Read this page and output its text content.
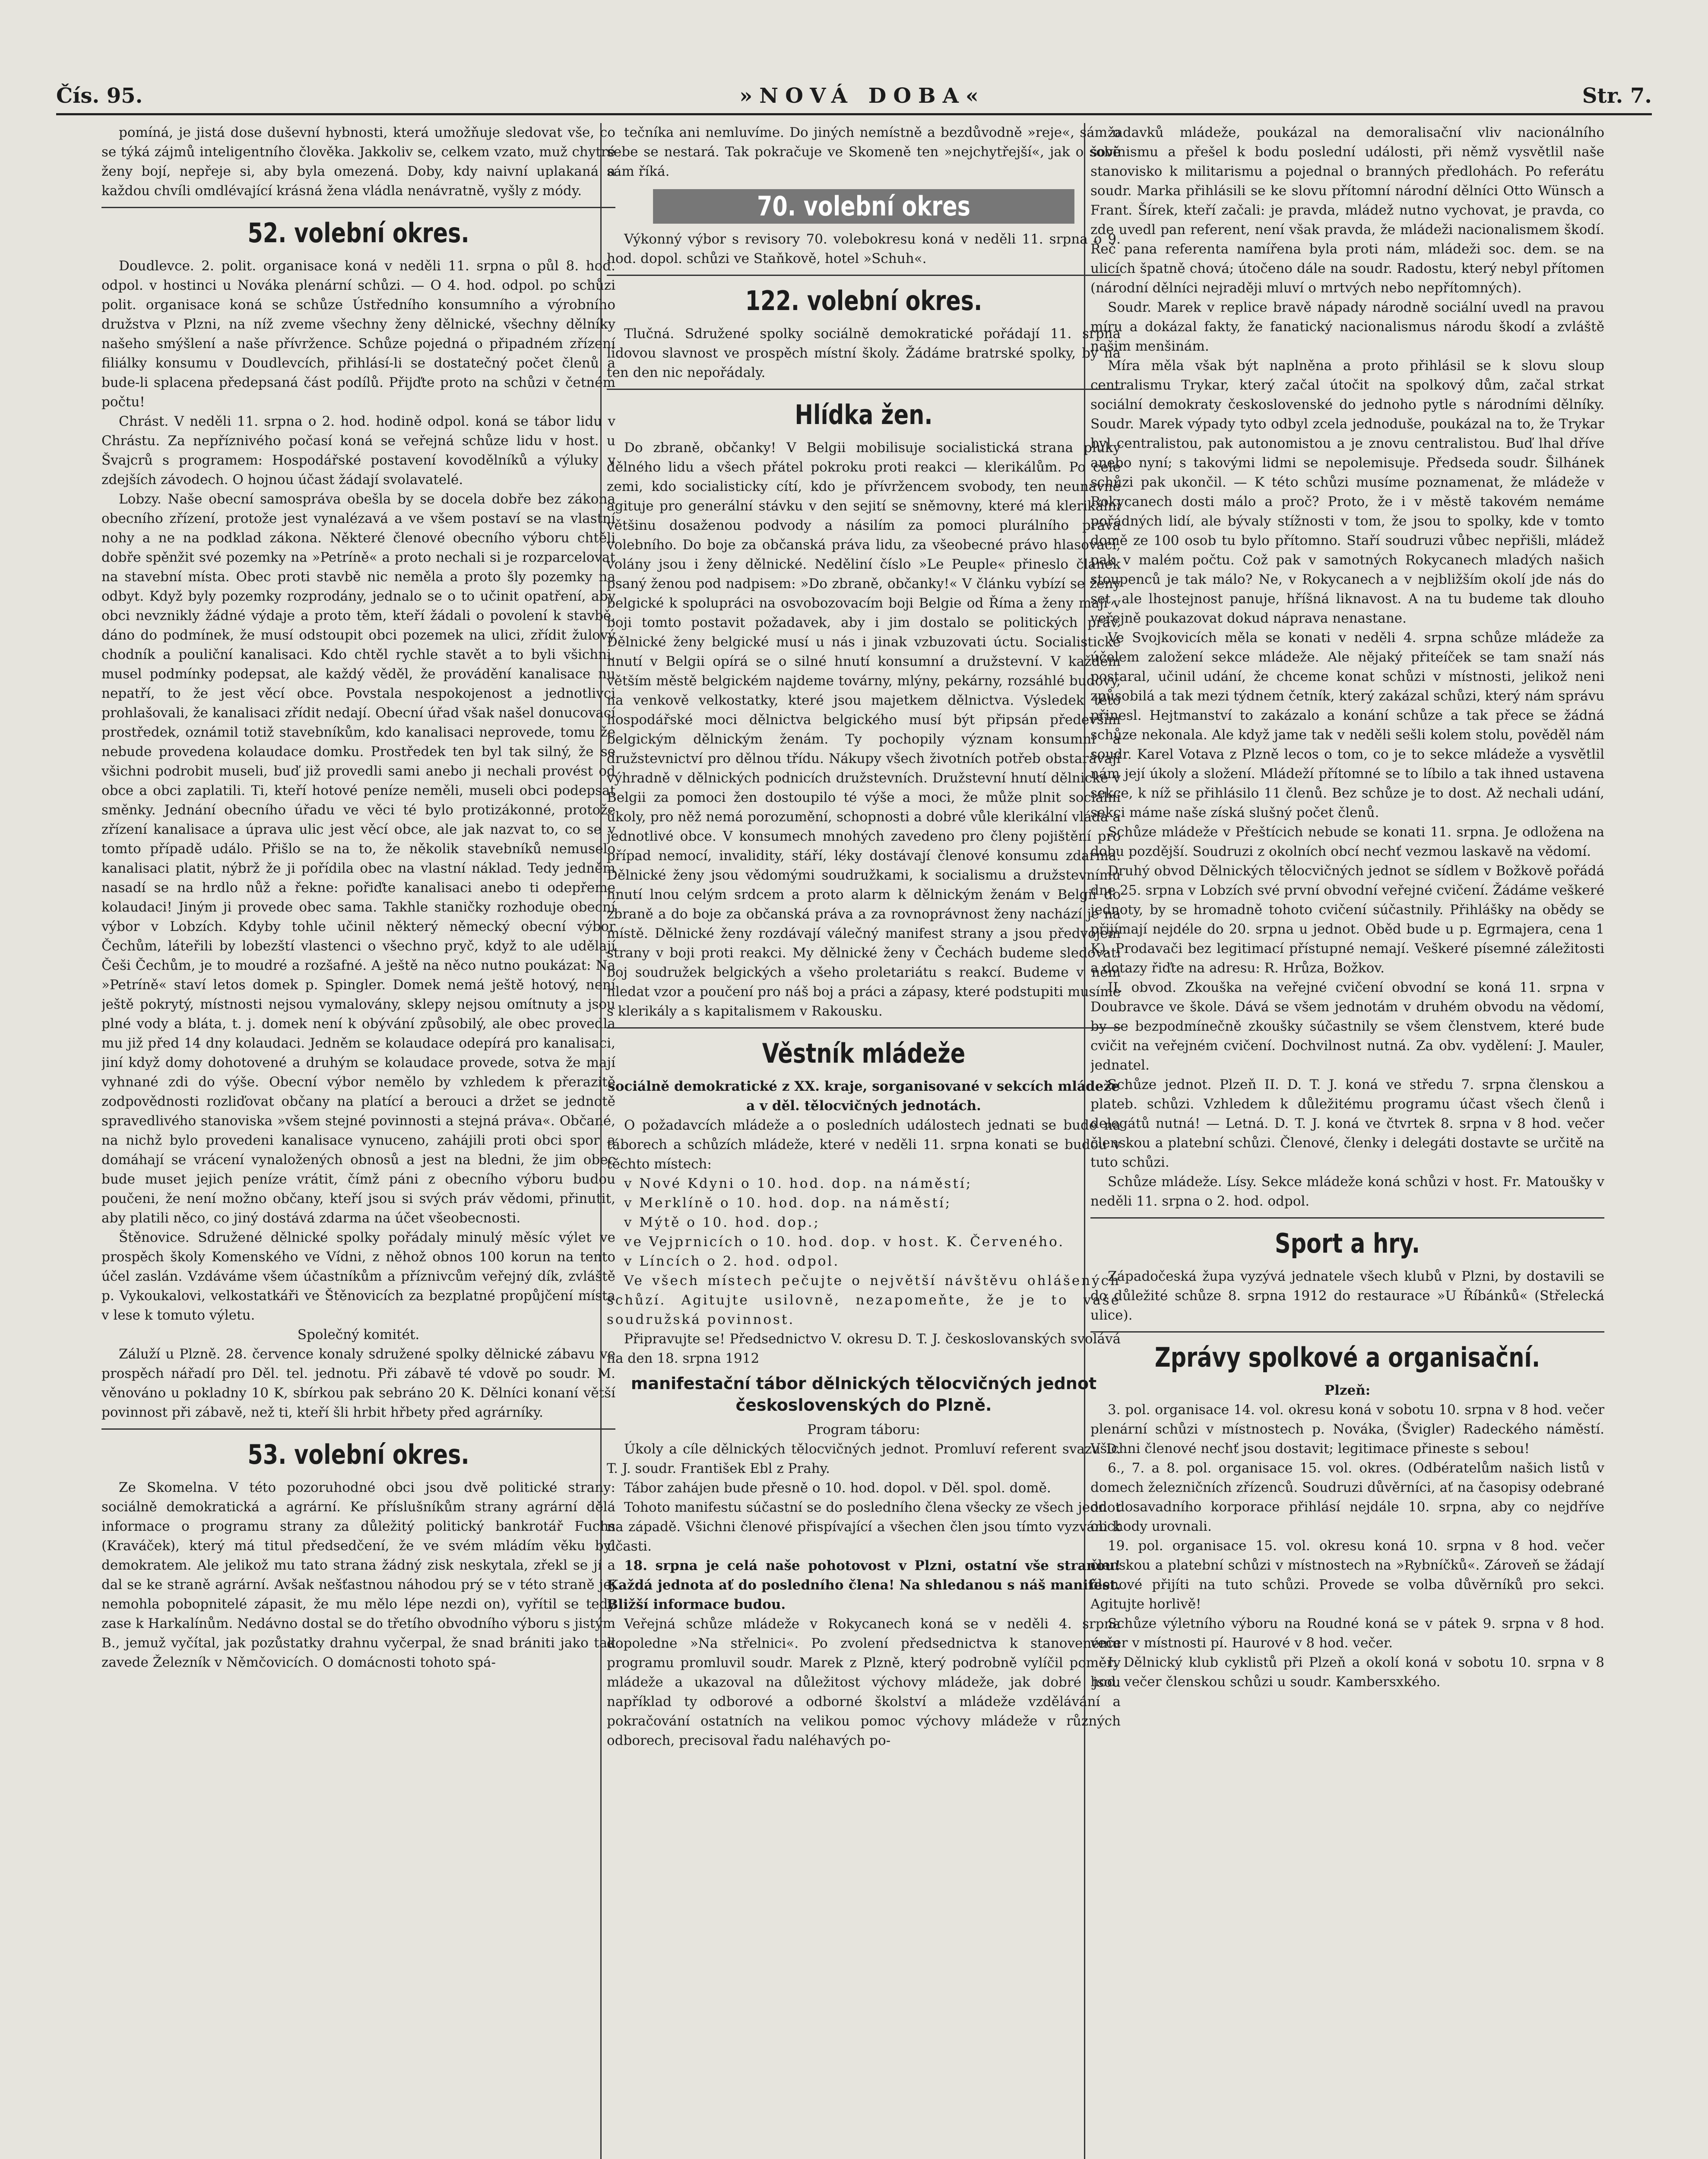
Čís. 95.	»NOVÁ DOBA«	Str. 7.

pomíná, je jistá dose duševní hybnosti, která umožňuje sledovat vše, co se týká zájmů inteligentního člověka. Jakkoliv se, celkem vzato, muž chytré ženy bojí, nepřeje si, aby byla omezená. Doby, kdy naivní uplakaná a každou chvíli omdlévající krásná žena vládla nenávratně, vyšly z módy.

52. volební okres.

Doudlevce. 2. polit. organisace koná v neděli 11. srpna o půl 8. hod. odpol. v hostinci u Nováka plenární schůzi. — O 4. hod. odpol. po schůzi polit. organisace koná se schůze Ústředního konsumního a výrobního družstva v Plzni, na níž zveme všechny ženy dělnické, všechny dělníky našeho smýšlení a naše přívržence. Schůze pojedná o připadném zřízení filiálky konsumu v Doudlevcích, přihlásí-li se dostatečný počet členů a bude-li splacena předepsaná část podílů. Přijďte proto na schůzi v četném počtu!

Chrást. V neděli 11. srpna o 2. hod. hodině odpol. koná se tábor lidu v Chrástu. Za nepříznivého počasí koná se veřejná schůze lidu v host. u Švajcrů s programem: Hospodářské postavení kovodělníků a výluky v zdejších závodech. O hojnou účast žádají svolavatelé.

Lobzy. Naše obecní samospráva obešla by se docela dobře bez zákona obecního zřízení, protože jest vynalézavá a ve všem postaví se na vlastní nohy a ne na podklad zákona. Některé členové obecního výboru chtěli dobře spěnžit své pozemky na »Petríně« a proto nechali si je rozparcelovat na stavební místa. Obec proti stavbě nic neměla a proto šly pozemky na odbyt. Když byly pozemky rozprodány, jednalo se o to učinit opatření, aby obci nevznikly žádné výdaje a proto těm, kteří žádali o povolení k stavbě, dáno do podmínek, že musí odstoupit obci pozemek na ulici, zřídit žulový chodník a pouliční kanalisaci. Kdo chtěl rychle stavět a to byli všichni, musel podmínky podepsat, ale každý věděl, že provádění kanalisace nu nepatří, to že jest věcí obce. Povstala nespokojenost a jednotlivci prohlašovali, že kanalisaci zřídit nedají. Obecní úřad však našel donucovací prostředek, oznámil totiž stavebníkům, kdo kanalisaci neprovede, tomu že nebude provedena kolaudace domku. Prostředek ten byl tak silný, že se všichni podrobit museli, buď již provedli sami anebo ji nechali provést od obce a obci zaplatili. Ti, kteří hotové peníze neměli, museli obci podepsat směnky. Jednání obecního úřadu ve věci té bylo protizákonné, protože zřízení kanalisace a úprava ulic jest věcí obce, ale jak nazvat to, co se v tomto případě událo. Přišlo se na to, že několik stavebníků nemuselo kanalisaci platit, nýbrž že ji pořídila obec na vlastní náklad. Tedy jedněm nasadí se na hrdlo nůž a řekne: pořiďte kanalisaci anebo ti odepřeme kolaudaci! Jiným ji provede obec sama. Takhle staničky rozhoduje obecní výbor v Lobzích. Kdyby tohle učinil některý německý obecní výbor Čechům, láteřili by lobezští vlastenci o všechno pryč, když to ale udělají Češi Čechům, je to moudré a rozšafné. A ještě na něco nutno poukázat: Na »Petríně« staví letos domek p. Spingler. Domek nemá ještě hotový, není ještě pokrytý, místnosti nejsou vymalovány, sklepy nejsou omítnuty a jsou plné vody a bláta, t. j. domek není k obývání způsobilý, ale obec provedla mu již před 14 dny kolaudaci. Jedněm se kolaudace odepírá pro kanalisaci, jiní když domy dohotovené a druhým se kolaudace provede, sotva že mají vyhnané zdi do výše. Obecní výbor nemělo by vzhledem k přerazitě zodpovědnosti rozliďovat občany na platící a berouci a držet se jednotě spravedlivého stanoviska »všem stejné povinnosti a stejná práva«. Občané, na nichž bylo provedeni kanalisace vynuceno, zahájili proti obci spor a domáhají se vrácení vynaložených obnosů a jest na bledni, že jim obec bude muset jejich peníze vrátit, čímž páni z obecního výboru budou poučeni, že není možno občany, kteří jsou si svých práv vědomi, přinutit, aby platili něco, co jiný dostává zdarma na účet všeobecnosti.

Štěnovice. Sdružené dělnické spolky pořádaly minulý měsíc výlet ve prospěch školy Komenského ve Vídni, z něhož obnos 100 korun na tento účel zaslán. Vzdáváme všem účastníkům a příznivcům veřejný dík, zvláště p. Vykoukalovi, velkostatkáři ve Štěnovicích za bezplatné propůjčení místa v lese k tomuto výletu.

Společný komitét.

Záluží u Plzně. 28. července konaly sdružené spolky dělnické zábavu ve prospěch nářadí pro Děl. tel. jednotu. Při zábavě té vdově po soudr. M. věnováno u pokladny 10 K, sbírkou pak sebráno 20 K. Dělníci konaní větší povinnost při zábavě, než ti, kteří šli hrbit hřbety před agrárníky.

53. volební okres.

Ze Skomelna. V této pozoruhodné obci jsou dvě politické strany: sociálně demokratická a agrární. Ke příslušníkům strany agrární dělá informace o programu strany za důležitý politický bankrotář Fuchs (Kraváček), který má titul předsedčení, že ve svém mládím věku byl demokratem. Ale jelikož mu tato strana žádný zisk neskytala, zřekl se jí a dal se ke straně agrární. Avšak nešťastnou náhodou prý se v této straně jej nemohla pobopnitelé zápasit, že mu mělo lépe nezdi on), vyřítil se tedy zase k Harkalínům. Nedávno dostal se do třetího obvodního výboru s jistým B., jemuž vyčítal, jak pozůstatky drahnu vyčerpal, že snad brániti jako tak zavede Železník v Němčovicích. O domácnosti tohoto spá-

tečníka ani nemluvíme. Do jiných nemístně a bezdůvodně »reje«, sám o sebe se nestará. Tak pokračuje ve Skomeně ten »nejchytřejší«, jak o sobě sám říká.

70. volební okres

Výkonný výbor s revisory 70. volebokresu koná v neděli 11. srpna o 9. hod. dopol. schůzi ve Staňkově, hotel »Schuh«.

122. volební okres.

Tlučná. Sdružené spolky sociálně demokratické pořádají 11. srpna lidovou slavnost ve prospěch místní školy. Žádáme bratrské spolky, by na ten den nic nepořádaly.

Hlídka žen.

Do zbraně, občanky! V Belgii mobilisuje socialistická strana pluky dělného lidu a všech přátel pokroku proti reakci — klerikálům. Po celé zemi, kdo socialisticky cítí, kdo je přívržencem svobody, ten neunavně agituje pro generální stávku v den sejití se sněmovny, které má klerikální většinu dosaženou podvody a násilím za pomoci plurálního práva volebního. Do boje za občanská práva lidu, za všeobecné právo hlasovací, volány jsou i ženy dělnické. Neděliní číslo »Le Peuple« přineslo článek psaný ženou pod nadpisem: »Do zbraně, občanky!« V článku vybízí se ženy belgické k spolupráci na osvobozovacím boji Belgie od Říma a ženy mají v boji tomto postavit požadavek, aby i jim dostalo se politických práv. Dělnické ženy belgické musí u nás i jinak vzbuzovati úctu. Socialistické hnutí v Belgii opírá se o silné hnutí konsumní a družstevní. V každém větším městě belgickém najdeme továrny, mlýny, pekárny, rozsáhlé budovy, na venkově velkostatky, které jsou majetkem dělnictva. Výsledek této hospodářské moci dělnictva belgického musí být připsán především belgickým dělnickým ženám. Ty pochopily význam konsumní a družstevnictví pro dělnou třídu. Nákupy všech životních potřeb obstarávají výhradně v dělnických podnicích družstevních. Družstevní hnutí dělnické v Belgii za pomoci žen dostoupilo té výše a moci, že může plnit sociální úkoly, pro něž nemá porozumění, schopnosti a dobré vůle klerikální vláda a jednotlivé obce. V konsumech mnohých zavedeno pro členy pojištění pro případ nemocí, invalidity, stáří, léky dostávají členové konsumu zdarma. Dělnické ženy jsou vědomými soudružkami, k socialismu a družstevnímu hnutí lnou celým srdcem a proto alarm k dělnickým ženám v Belgii do zbraně a do boje za občanská práva a za rovnoprávnost ženy nachází je na místě. Dělnické ženy rozdávají válečný manifest strany a jsou předvojem strany v boji proti reakci. My dělnické ženy v Čechách budeme sledovati boj soudružek belgických a všeho proletariátu s reakcí. Budeme v něm hledat vzor a poučení pro náš boj a práci a zápasy, které podstupiti musíme s klerikály a s kapitalismem v Rakousku.

Věstník mládeže

sociálně demokratické z XX. kraje, sorganisované v sekcích mládeže a v děl. tělocvičných jednotách.

O požadavcích mládeže a o posledních událostech jednati se bude na táborech a schůzích mládeže, které v neděli 11. srpna konati se budou v těchto místech:

v Nové Kdyni o 10. hod. dop. na náměstí;

v Merklíně o 10. hod. dop. na náměstí;

v Mýtě o 10. hod. dop.;

ve Vejprnicích o 10. hod. dop. v host. K. Červeného.

v Líncích o 2. hod. odpol.

Ve všech místech pečujte o největší návštěvu ohlášených schůzí. Agitujte usilovně, nezapomeňte, že je to vaše soudružská povinnost.

Připravujte se! Předsednictvo V. okresu D. T. J. českoslovanských svolává na den 18. srpna 1912

manifestační tábor dělnických tělocvičných jednot československých do Plzně.

Program táboru:

Úkoly a cíle dělnických tělocvičných jednot. Promluví referent svazu D. T. J. soudr. František Ebl z Prahy.

Tábor zahájen bude přesně o 10. hod. dopol. v Děl. spol. domě.

Tohoto manifestu súčastní se do posledního člena všecky ze všech jednot na západě. Všichni členové přispívající a všechen člen jsou tímto vyzváni k účasti.

18. srpna je celá naše pohotovost v Plzni, ostatní vše stranou! Každá jednota ať do posledního člena! Na shledanou s náš manifest. Bližší informace budou.

Veřejná schůze mládeže v Rokycanech koná se v neděli 4. srpna dopoledne »Na střelnici«. Po zvolení předsednictva k stanovenému programu promluvil soudr. Marek z Plzně, který podrobně vylíčil poměry mládeže a ukazoval na důležitost výchovy mládeže, jak dobré jsou například ty odborové a odborné školství a mládeže vzdělávání a pokračování ostatních na velikou pomoc výchovy mládeže v různých odborech, precisoval řadu naléhavých po-

žadavků mládeže, poukázal na demoralisační vliv nacionálního šovinismu a přešel k bodu poslední události, při němž vysvětlil naše stanovisko k militarismu a pojednal o branných předlohách. Po referátu soudr. Marka přihlásili se ke slovu přítomní národní dělníci Otto Wünsch a Frant. Šírek, kteří začali: je pravda, mládež nutno vychovat, je pravda, co zde uvedl pan referent, není však pravda, že mládeži nacionalismem škodí. Řeč pana referenta namířena byla proti nám, mládeži soc. dem. se na ulicích špatně chová; útočeno dále na soudr. Radostu, který nebyl přítomen (národní dělníci nejraději mluví o mrtvých nebo nepřítomných).

Soudr. Marek v replice bravě nápady národně sociální uvedl na pravou míru a dokázal fakty, že fanatický nacionalismus národu škodí a zvláště našim menšinám.

Míra měla však být naplněna a proto přihlásil se k slovu sloup centralismu Trykar, který začal útočit na spolkový dům, začal strkat sociální demokraty československé do jednoho pytle s národními dělníky. Soudr. Marek výpady tyto odbyl zcela jednoduše, poukázal na to, že Trykar byl centralistou, pak autonomistou a je znovu centralistou. Buď lhal dříve anebo nyní; s takovými lidmi se nepolemisuje. Předseda soudr. Šilhánek schůzi pak ukončil. — K této schůzi musíme poznamenat, že mládeže v Rokycanech dosti málo a proč? Proto, že i v městě takovém nemáme pořádných lidí, ale bývaly stížnosti v tom, že jsou to spolky, kde v tomto domě ze 100 osob tu bylo přítomno. Staří soudruzi vůbec nepřišli, mládež pak v malém počtu. Což pak v samotných Rokycanech mladých našich stoupenců je tak málo? Ne, v Rokycanech a v nejbližším okolí jde nás do set, ale lhostejnost panuje, hříšná liknavost. A na tu budeme tak dlouho veřejně poukazovat dokud náprava nenastane.

Ve Svojkovicích měla se konati v neděli 4. srpna schůze mládeže za účelem založení sekce mládeže. Ale nějaký přiteíček se tam snaží nás postaral, učinil udání, že chceme konat schůzi v místnosti, jelikož neni způsobilá a tak mezi týdnem četník, který zakázal schůzi, který nám správu přinesl. Hejtmanství to zakázalo a konání schůze a tak přece se žádná schůze nekonala. Ale když jame tak v neděli sešli kolem stolu, pověděl nám soudr. Karel Votava z Plzně lecos o tom, co je to sekce mládeže a vysvětlil nám její úkoly a složení. Mládeží přítomné se to líbilo a tak ihned ustavena sekce, k níž se přihlásilo 11 členů. Bez schůze je to dost. Až nechali udání, sekci máme naše získá slušný počet členů.

Schůze mládeže v Přeštícich nebude se konati 11. srpna. Je odložena na dobu pozdější. Soudruzi z okolních obcí nechť vezmou laskavě na vědomí.

Druhý obvod Dělnických tělocvičných jednot se sídlem v Božkově pořádá dne 25. srpna v Lobzích své první obvodní veřejné cvičení. Žádáme veškeré jednoty, by se hromadně tohoto cvičení súčastnily. Přihlášky na obědy se přijímají nejdéle do 20. srpna u jednot. Oběd bude u p. Egrmajera, cena 1 K). Prodavači bez legitimací přístupné nemají. Veškeré písemné záležitosti a dotazy řiďte na adresu: R. Hrůza, Božkov.

II. obvod. Zkouška na veřejné cvičení obvodní se koná 11. srpna v Doubravce ve škole. Dává se všem jednotám v druhém obvodu na vědomí, by se bezpodmínečně zkoušky súčastnily se všem členstvem, které bude cvičit na veřejném cvičení. Dochvilnost nutná. Za obv. vydělení: J. Mauler, jednatel.

Schůze jednot. Plzeň II. D. T. J. koná ve středu 7. srpna členskou a plateb. schůzi. Vzhledem k důležitému programu účast všech členů i delegátů nutná! — Letná. D. T. J. koná ve čtvrtek 8. srpna v 8 hod. večer členskou a platební schůzi. Členové, členky i delegáti dostavte se určitě na tuto schůzi.

Schůze mládeže. Lísy. Sekce mládeže koná schůzi v host. Fr. Matoušky v neděli 11. srpna o 2. hod. odpol.

Sport a hry.

Západočeská župa vyzývá jednatele všech klubů v Plzni, by dostavili se do důležité schůze 8. srpna 1912 do restaurace »U Říbánků« (Střelecká ulice).

Zprávy spolkové a organisační.

Plzeň:

3. pol. organisace 14. vol. okresu koná v sobotu 10. srpna v 8 hod. večer plenární schůzi v místnostech p. Nováka, (Švigler) Radeckého náměstí. Všichni členové nechť jsou dostavit; legitimace přineste s sebou!

6., 7. a 8. pol. organisace 15. vol. okres. (Odbératelům našich listů v domech železničních zřízenců. Soudruzi důvěrníci, ať na časopisy odebrané od dosavadního korporace přihlásí nejdále 10. srpna, aby co nejdříve obchody urovnali.

19. pol. organisace 15. vol. okresu koná 10. srpna v 8 hod. večer členskou a platební schůzi v místnostech na »Rybníčků«. Zároveň se žádají členové přijíti na tuto schůzi. Provede se volba důvěrníků pro sekci. Agitujte horlivě!

Schůze výletního výboru na Roudné koná se v pátek 9. srpna v 8 hod. večer v místnosti pí. Haurové v 8 hod. večer.

I. Dělnický klub cyklistů při Plzeň a okolí koná v sobotu 10. srpna v 8 hod. večer členskou schůzi u soudr. Kambersxkého.
